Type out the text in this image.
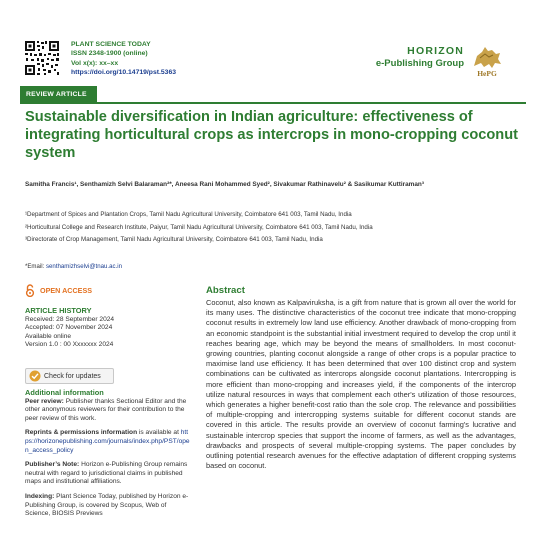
PLANT SCIENCE TODAY
ISSN 2348-1900 (online)
Vol x(x): xx–xx
https://doi.org/10.14719/pst.5363
HORIZON
e-Publishing Group
HePG
REVIEW ARTICLE
Sustainable diversification in Indian agriculture: effectiveness of integrating horticultural crops as intercrops in mono-cropping coconut system
Samitha Francis¹, Senthamizh Selvi Balaraman²*, Aneesa Rani Mohammed Syed², Sivakumar Rathinavelu² & Sasikumar Kuttiraman³
¹Department of Spices and Plantation Crops, Tamil Nadu Agricultural University, Coimbatore 641 003, Tamil Nadu, India
²Horticultural College and Research Institute, Paiyur, Tamil Nadu Agricultural University, Coimbatore 641 003, Tamil Nadu, India
³Directorate of Crop Management, Tamil Nadu Agricultural University, Coimbatore 641 003, Tamil Nadu, India
*Email: senthamizhselvi@tnau.ac.in
OPEN ACCESS
ARTICLE HISTORY
Received: 28 September 2024
Accepted: 07 November 2024
Available online
Version 1.0 : 00 Xxxxxxx 2024
Check for updates
Additional information
Peer review: Publisher thanks Sectional Editor and the other anonymous reviewers for their contribution to the peer review of this work.
Reprints & permissions information is available at https://horizonepublishing.com/journals/index.php/PST/open_access_policy
Publisher’s Note: Horizon e-Publishing Group remains neutral with regard to jurisdictional claims in published maps and institutional affiliations.
Indexing: Plant Science Today, published by Horizon e-Publishing Group, is covered by Scopus, Web of Science, BIOSIS Previews
Abstract
Coconut, also known as Kalpavirukshа, is a gift from nature that is grown all over the world for its many uses. The distinctive characteristics of the coconut tree indicate that mono-cropping coconut results in extremely low land use efficiency. Another drawback of mono-cropping from an economic standpoint is the substantial initial investment required to develop the crop until it reaches bearing age, which may be beyond the means of smallholders. In most coconut-growing countries, planting coconut alongside a range of other crops is a popular practice to maximise land use efficiency. It has been determined that over 100 distinct crop and system combinations can be cultivated as intercrops alongside coconut plantations. Intercropping is more efficient than mono-cropping and increases yield, if the components of the intercrop utilize natural resources in ways that complement each other's utilization of those resources, which generates a higher benefit-cost ratio than the sole crop. The relevance and possibilities of multiple-cropping and intercropping systems suitable for different coconut stands are covered in this article. The results provide an overview of coconut farming's lucrative and sustainable intercrop species that support the income of farmers, as well as the advantages, drawbacks and prospects of several multiple-cropping systems. The paper concludes by outlining potential research avenues for the effective adaptation of different cropping systems based on coconut.
